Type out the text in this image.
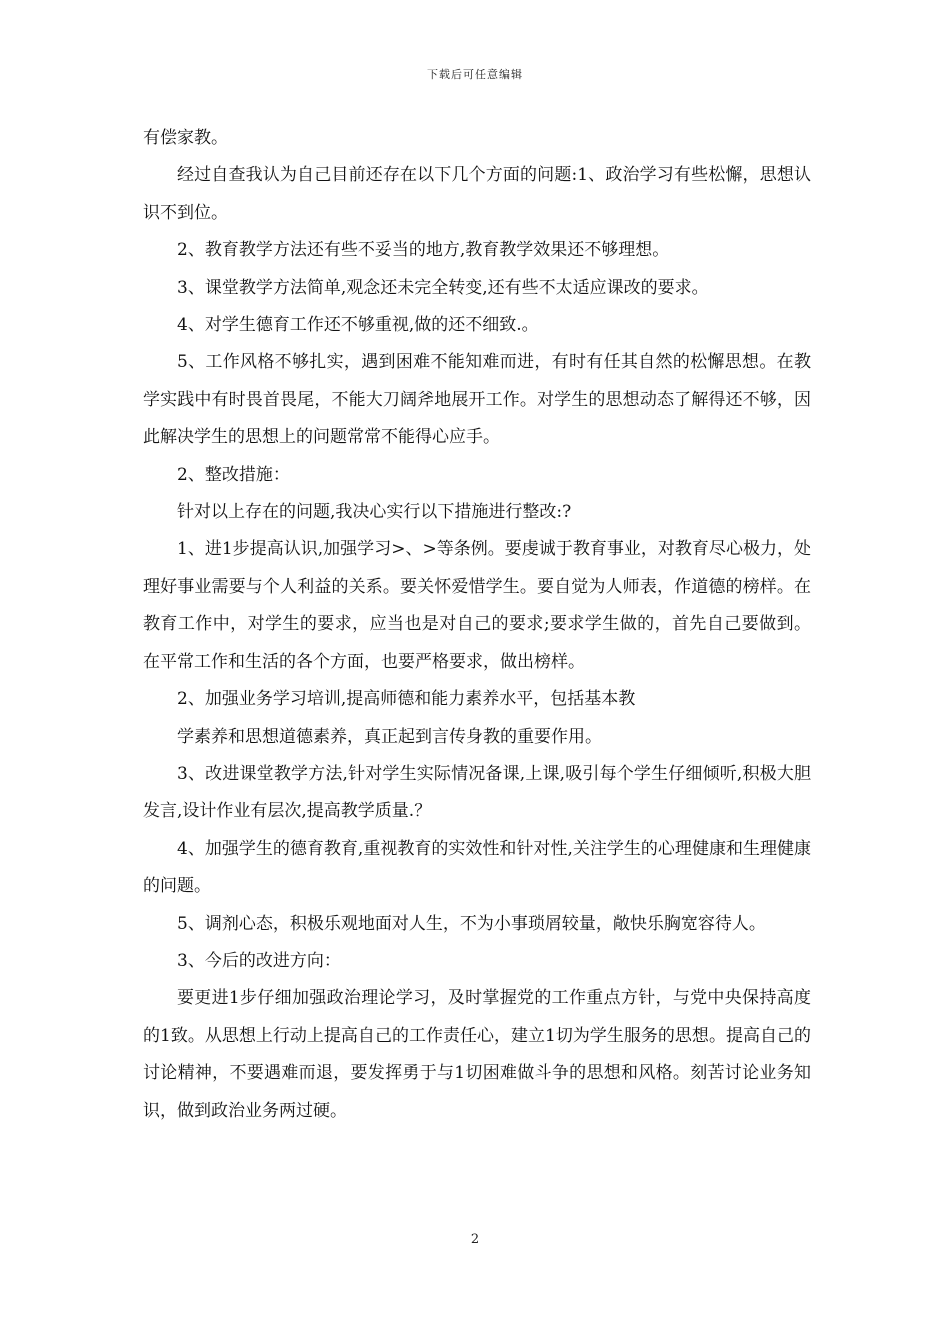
下载后可任意编辑

有偿家教。

经过自查我认为自己目前还存在以下几个方面的问题:1、政治学习有些松懈，思想认识不到位。

2、教育教学方法还有些不妥当的地方,教育教学效果还不够理想。

3、课堂教学方法简单,观念还未完全转变,还有些不太适应课改的要求。

4、对学生德育工作还不够重视,做的还不细致.。

5、工作风格不够扎实，遇到困难不能知难而进，有时有任其自然的松懈思想。在教学实践中有时畏首畏尾，不能大刀阔斧地展开工作。对学生的思想动态了解得还不够，因此解决学生的思想上的问题常常不能得心应手。

2、整改措施：

针对以上存在的问题,我决心实行以下措施进行整改:?

1、进1步提高认识,加强学习>、>等条例。要虔诚于教育事业，对教育尽心极力，处理好事业需要与个人利益的关系。要关怀爱惜学生。要自觉为人师表，作道德的榜样。在教育工作中，对学生的要求，应当也是对自己的要求;要求学生做的，首先自己要做到。在平常工作和生活的各个方面，也要严格要求，做出榜样。

2、加强业务学习培训,提高师德和能力素养水平，包括基本教

学素养和思想道德素养，真正起到言传身教的重要作用。

3、改进课堂教学方法,针对学生实际情况备课,上课,吸引每个学生仔细倾听,积极大胆发言,设计作业有层次,提高教学质量.？

4、加强学生的德育教育,重视教育的实效性和针对性,关注学生的心理健康和生理健康的问题。

5、调剂心态，积极乐观地面对人生，不为小事琐屑较量，敞快乐胸宽容待人。

3、今后的改进方向：

要更进1步仔细加强政治理论学习，及时掌握党的工作重点方针，与党中央保持高度的1致。从思想上行动上提高自己的工作责任心，建立1切为学生服务的思想。提高自己的讨论精神，不要遇难而退，要发挥勇于与1切困难做斗争的思想和风格。刻苦讨论业务知识，做到政治业务两过硬。

2
